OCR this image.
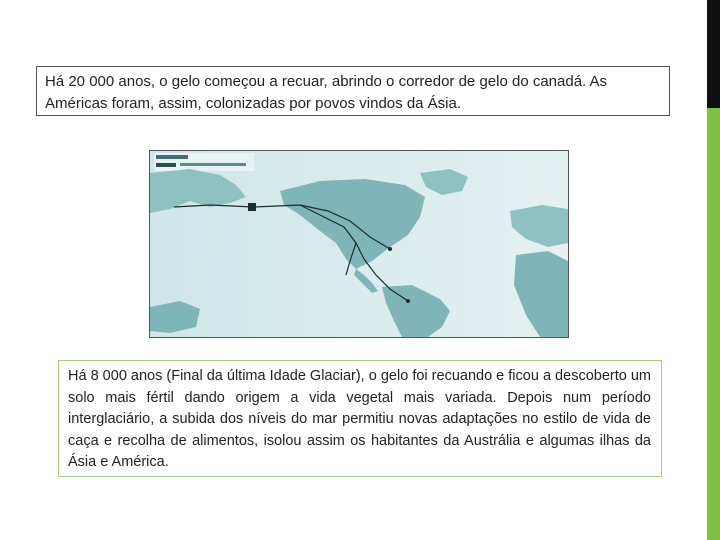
Há 20 000 anos, o gelo começou a recuar, abrindo o corredor de gelo do canadá. As Américas foram, assim, colonizadas por povos vindos da Ásia.

Há 8 000 anos (Final da última Idade Glaciar), o gelo foi recuando e ficou a descoberto um solo mais fértil dando origem a vida vegetal mais variada. Depois num período interglaciário, a subida dos níveis do mar permitiu novas adaptações no estilo de vida de caça e recolha de alimentos, isolou assim os habitantes da Austrália e algumas ilhas da Ásia e América.
